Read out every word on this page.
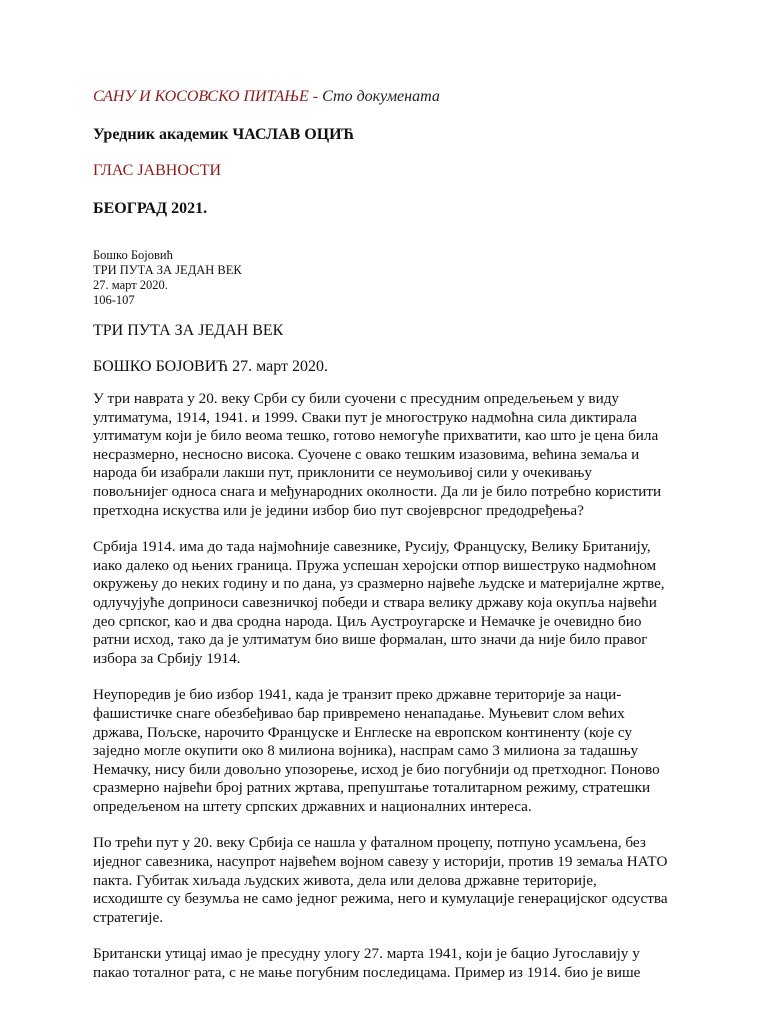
САНУ И КОСОВСКО ПИТАЊЕ - Сто докумената
Уредник академик ЧАСЛАВ ОЦИЋ
ГЛАС ЈАВНОСТИ
БЕОГРАД 2021.
Бошко Бојовић
ТРИ ПУТА ЗА ЈЕДАН ВЕК
27. март 2020.
106-107
ТРИ ПУТА ЗА ЈЕДАН ВЕК
БОШКО БОЈОВИЋ 27. март 2020.

У три наврата у 20. веку Срби су били суочени с пресудним опредељењем у виду ултиматума, 1914, 1941. и 1999. Сваки пут је многоструко надмоћна сила диктирала ултиматум који је било веома тешко, готово немогуће прихватити, као што је цена била несразмерно, несносно висока. Суочене с овако тешким изазовима, већина земаља и народа би изабрали лакши пут, приклонити се неумољивој сили у очекивању повољнијег односа снага и међународних околности. Да ли је било потребно користити претходна искуства или је једини избор био пут својеврсног предодређења?

Србија 1914. има до тада најмоћније савезнике, Русију, Француску, Велику Британију, иако далеко од њених граница. Пружа успешан херојски отпор вишеструко надмоћном окружењу до неких годину и по дана, уз сразмерно највеће људске и материјалне жртве, одлучујуће доприноси савезничкој победи и ствара велику државу која окупља највећи део српског, као и два сродна народа. Циљ Аустроугарске и Немачке је очевидно био ратни исход, тако да је ултиматум био више формалан, што значи да није било правог избора за Србију 1914.

Неупоредив је био избор 1941, када је транзит преко државне територије за наци-фашистичке снаге обезбеђивао бар привремено ненападање. Муњевит слом већих држава, Пољске, нарочито Француске и Енглеске на европском континенту (које су заједно могле окупити око 8 милиона војника), наспрам само 3 милиона за тадашњу Немачку, нису били довољно упозорење, исход је био погубнији од претходног. Поново сразмерно највећи број ратних жртава, препуштање тоталитарном режиму, стратешки опредељеном на штету српских државних и националних интереса.

По трећи пут у 20. веку Србија се нашла у фаталном процепу, потпуно усамљена, без иједног савезника, насупрот највећем војном савезу у историји, против 19 земаља НАТО пакта. Губитак хиљада људских живота, дела или делова државне територије, исходиште су безумља не само једног режима, него и кумулације генерацијског одсуства стратегије.

Британски утицај имао је пресудну улогу 27. марта 1941, који је бацио Југославију у пакао тоталног рата, с не мање погубним последицама. Пример из 1914. био је више
